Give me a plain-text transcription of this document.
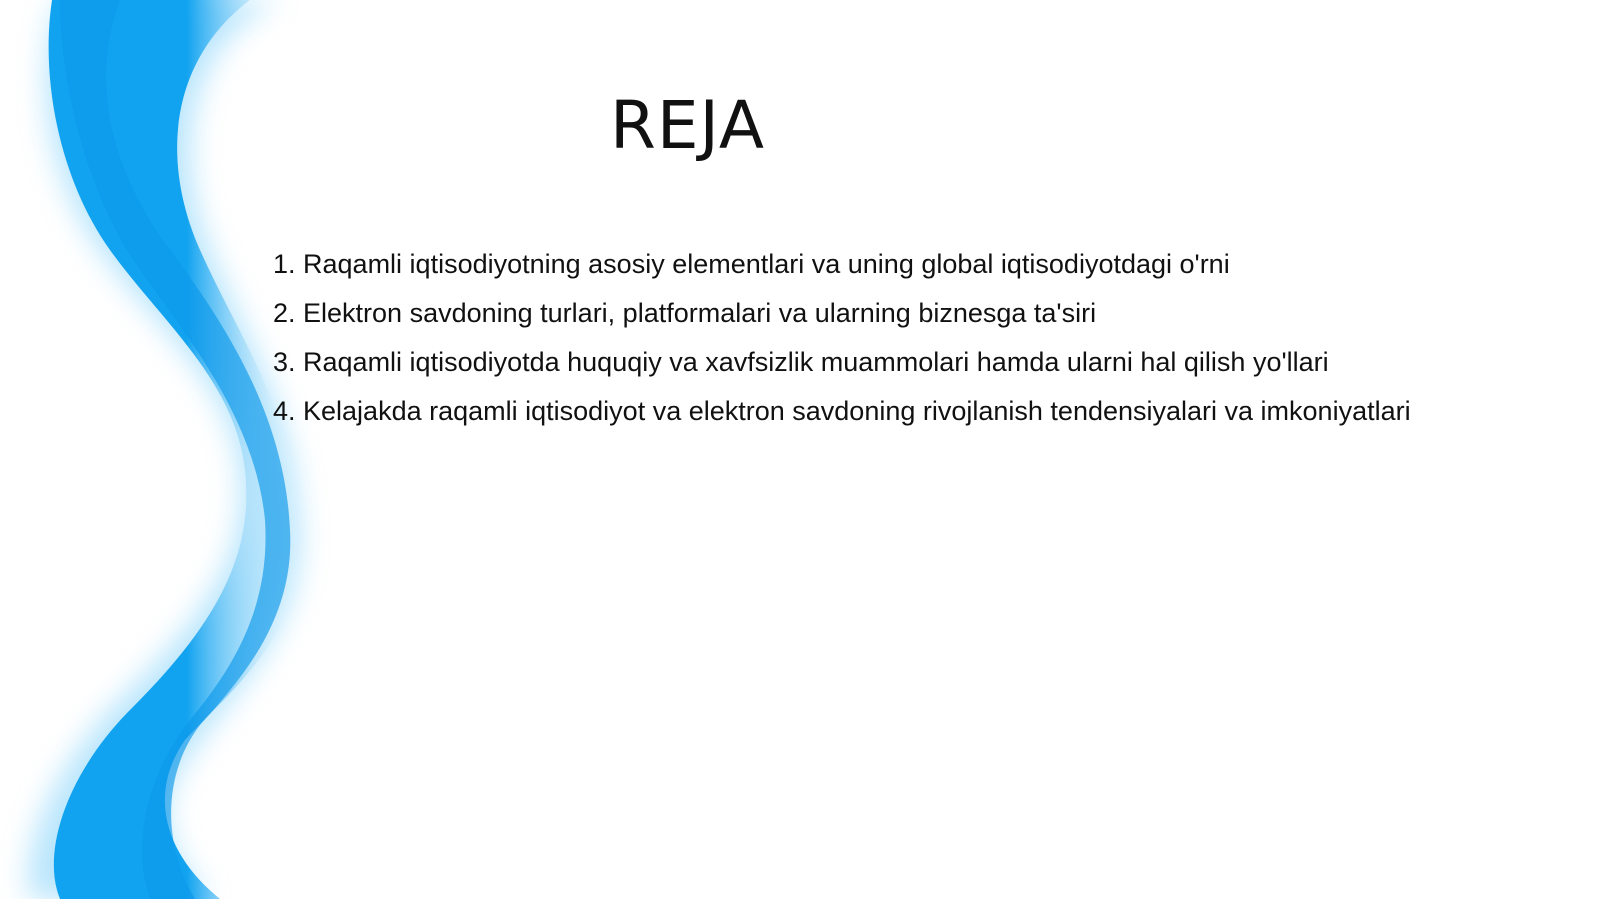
REJA
1. Raqamli iqtisodiyotning asosiy elementlari va uning global iqtisodiyotdagi o'rni
2. Elektron savdoning turlari, platformalari va ularning biznesga ta'siri
3. Raqamli iqtisodiyotda huquqiy va xavfsizlik muammolari hamda ularni hal qilish yo'llari
4. Kelajakda raqamli iqtisodiyot va elektron savdoning rivojlanish tendensiyalari va imkoniyatlari
